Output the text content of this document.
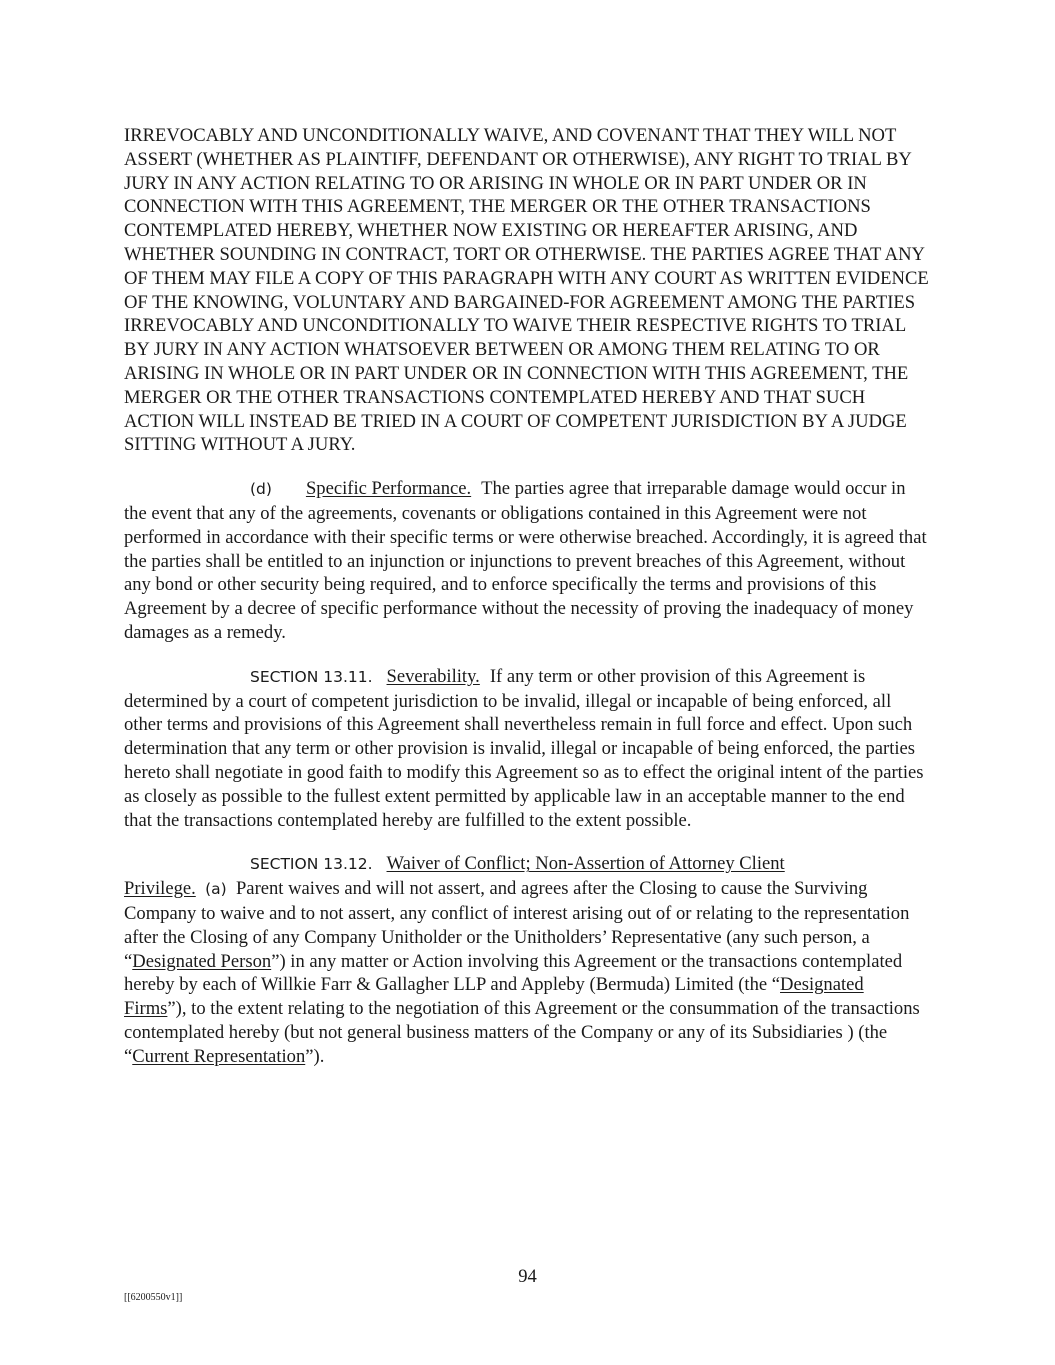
IRREVOCABLY AND UNCONDITIONALLY WAIVE, AND COVENANT THAT THEY WILL NOT ASSERT (WHETHER AS PLAINTIFF, DEFENDANT OR OTHERWISE), ANY RIGHT TO TRIAL BY JURY IN ANY ACTION RELATING TO OR ARISING IN WHOLE OR IN PART UNDER OR IN CONNECTION WITH THIS AGREEMENT, THE MERGER OR THE OTHER TRANSACTIONS CONTEMPLATED HEREBY, WHETHER NOW EXISTING OR HEREAFTER ARISING, AND WHETHER SOUNDING IN CONTRACT, TORT OR OTHERWISE. THE PARTIES AGREE THAT ANY OF THEM MAY FILE A COPY OF THIS PARAGRAPH WITH ANY COURT AS WRITTEN EVIDENCE OF THE KNOWING, VOLUNTARY AND BARGAINED-FOR AGREEMENT AMONG THE PARTIES IRREVOCABLY AND UNCONDITIONALLY TO WAIVE THEIR RESPECTIVE RIGHTS TO TRIAL BY JURY IN ANY ACTION WHATSOEVER BETWEEN OR AMONG THEM RELATING TO OR ARISING IN WHOLE OR IN PART UNDER OR IN CONNECTION WITH THIS AGREEMENT, THE MERGER OR THE OTHER TRANSACTIONS CONTEMPLATED HEREBY AND THAT SUCH ACTION WILL INSTEAD BE TRIED IN A COURT OF COMPETENT JURISDICTION BY A JUDGE SITTING WITHOUT A JURY.

(d) Specific Performance. The parties agree that irreparable damage would occur in the event that any of the agreements, covenants or obligations contained in this Agreement were not performed in accordance with their specific terms or were otherwise breached. Accordingly, it is agreed that the parties shall be entitled to an injunction or injunctions to prevent breaches of this Agreement, without any bond or other security being required, and to enforce specifically the terms and provisions of this Agreement by a decree of specific performance without the necessity of proving the inadequacy of money damages as a remedy.

SECTION 13.11. Severability. If any term or other provision of this Agreement is determined by a court of competent jurisdiction to be invalid, illegal or incapable of being enforced, all other terms and provisions of this Agreement shall nevertheless remain in full force and effect. Upon such determination that any term or other provision is invalid, illegal or incapable of being enforced, the parties hereto shall negotiate in good faith to modify this Agreement so as to effect the original intent of the parties as closely as possible to the fullest extent permitted by applicable law in an acceptable manner to the end that the transactions contemplated hereby are fulfilled to the extent possible.

SECTION 13.12. Waiver of Conflict; Non-Assertion of Attorney Client
Privilege. (a) Parent waives and will not assert, and agrees after the Closing to cause the Surviving Company to waive and to not assert, any conflict of interest arising out of or relating to the representation after the Closing of any Company Unitholder or the Unitholders’ Representative (any such person, a “Designated Person”) in any matter or Action involving this Agreement or the transactions contemplated hereby by each of Willkie Farr & Gallagher LLP and Appleby (Bermuda) Limited (the “Designated Firms”), to the extent relating to the negotiation of this Agreement or the consummation of the transactions contemplated hereby (but not general business matters of the Company or any of its Subsidiaries ) (the “Current Representation”).

94
[[6200550v1]]
